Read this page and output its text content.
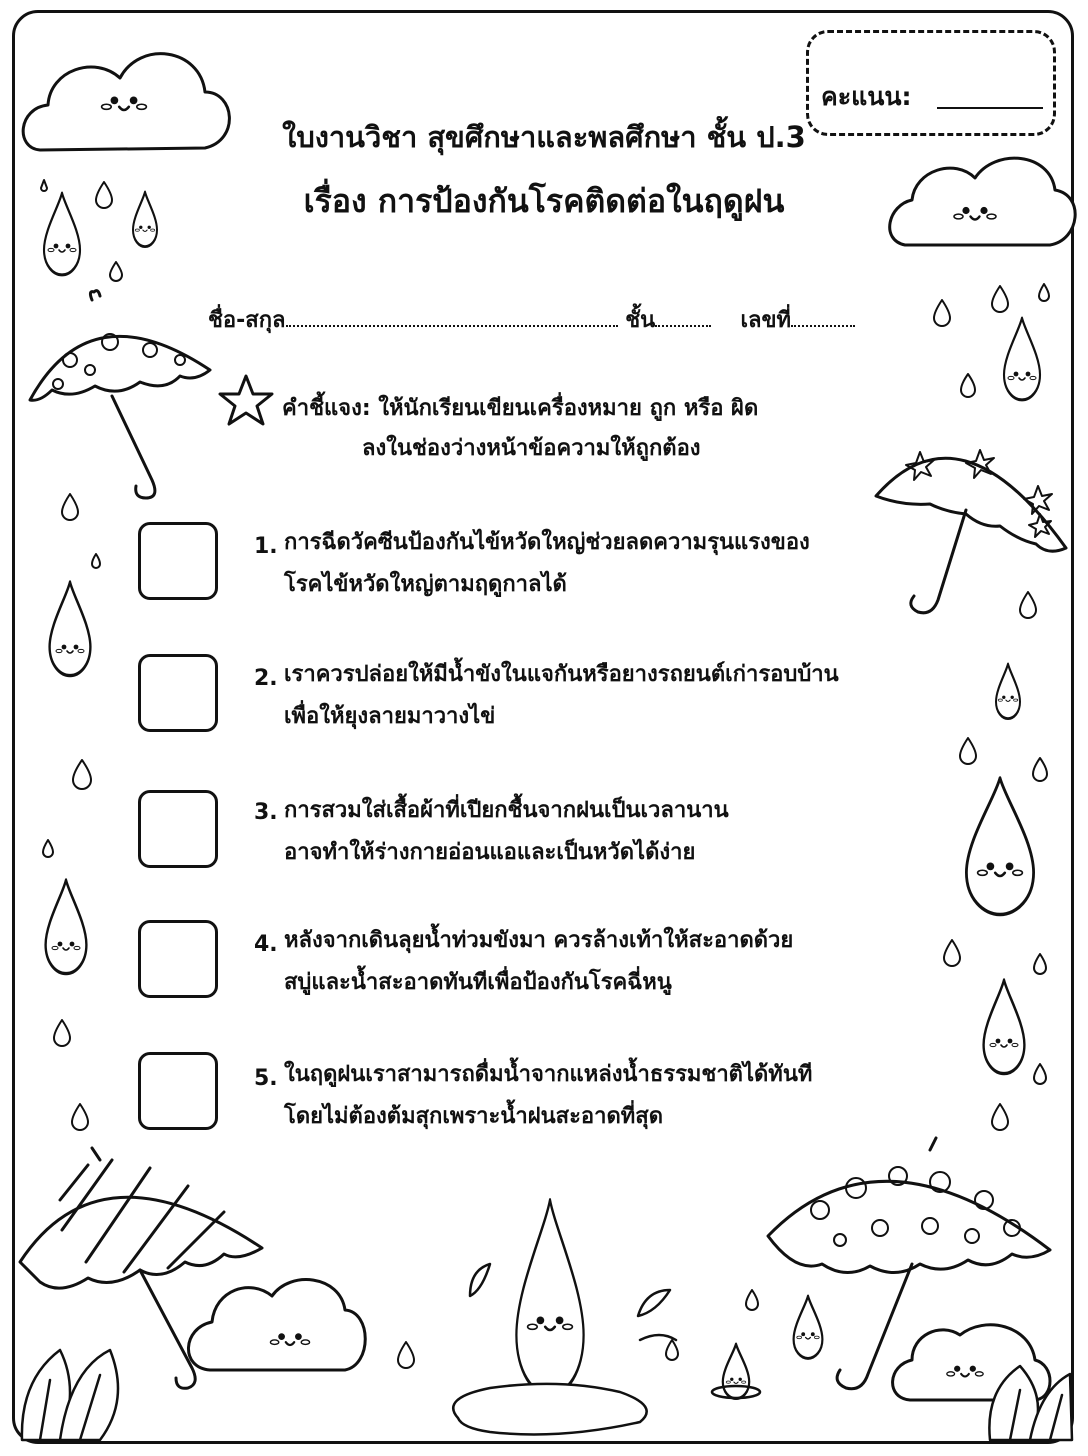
ใบงานวิชา สุขศึกษาและพลศึกษา ชั้น ป.3
เรื่อง การป้องกันโรคติดต่อในฤดูฝน
คะแนน:
ชื่อ-สกุล	ชั้น	เลขที่
คำชี้แจง: ให้นักเรียนเขียนเครื่องหมาย ถูก หรือ ผิด
ลงในช่องว่างหน้าข้อความให้ถูกต้อง
1. การฉีดวัคซีนป้องกันไข้หวัดใหญ่ช่วยลดความรุนแรงของ
โรคไข้หวัดใหญ่ตามฤดูกาลได้
2. เราควรปล่อยให้มีน้ำขังในแจกันหรือยางรถยนต์เก่ารอบบ้าน
เพื่อให้ยุงลายมาวางไข่
3. การสวมใส่เสื้อผ้าที่เปียกชื้นจากฝนเป็นเวลานาน
อาจทำให้ร่างกายอ่อนแอและเป็นหวัดได้ง่าย
4. หลังจากเดินลุยน้ำท่วมขังมา ควรล้างเท้าให้สะอาดด้วย
สบู่และน้ำสะอาดทันทีเพื่อป้องกันโรคฉี่หนู
5. ในฤดูฝนเราสามารถดื่มน้ำจากแหล่งน้ำธรรมชาติได้ทันที
โดยไม่ต้องต้มสุกเพราะน้ำฝนสะอาดที่สุด
